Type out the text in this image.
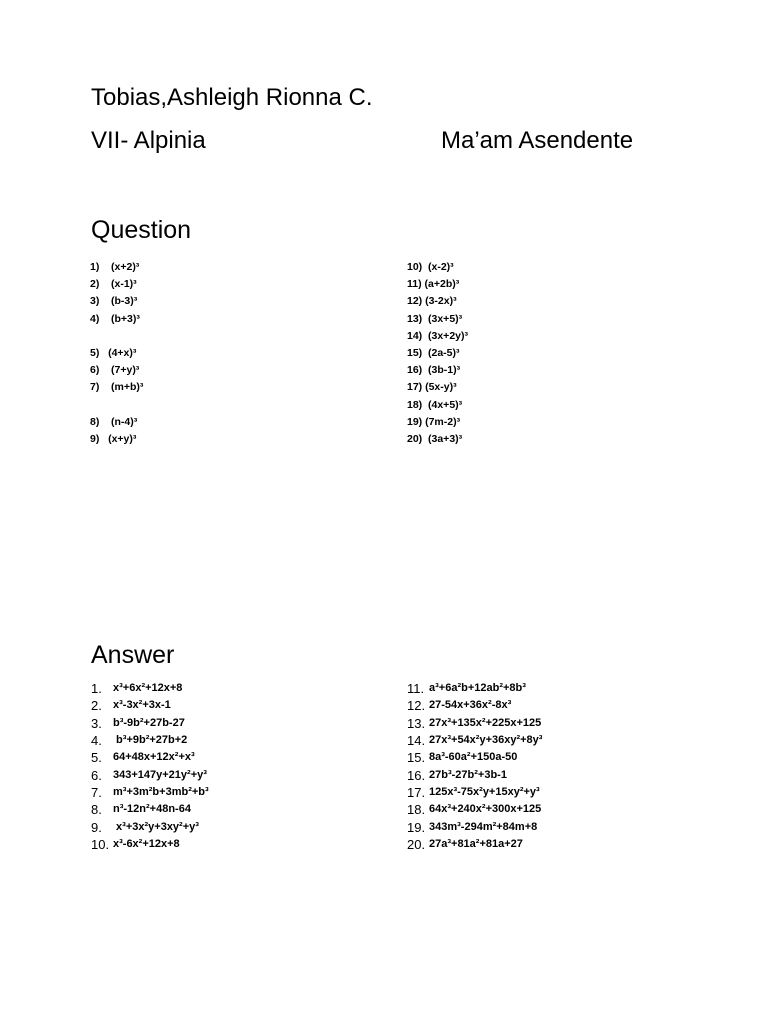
Tobias,Ashleigh Rionna C.
VII- Alpinia	Ma’am Asendente
Question
1)    (x+2)³
2)    (x-1)³
3)    (b-3)³
4)    (b+3)³
5)   (4+x)³
6)    (7+y)³
7)    (m+b)³
8)    (n-4)³
9)   (x+y)³
10)  (x-2)³
11) (a+2b)³
12) (3-2x)³
13)  (3x+5)³
14)  (3x+2y)³
15)  (2a-5)³
16)  (3b-1)³
17) (5x-y)³
18)  (4x+5)³
19) (7m-2)³
20)  (3a+3)³
Answer
1. $^{x^3+6x^2+12x+8}$
2. $^{x^3-3x^2+3x-1}$
3. $^{b^3-9b^2+27b-27}$
4. $^{b^3+9b^2+27b+2}$
5. $^{64+48x+12x^2+x^3}$
6. $^{343+147y+21y^2+y^3}$
7. $^{m^3+3m^2b+3mb^2+b^3}$
8. $^{n^3-12n^2+48n-64}$
9. $^{x^3+3x^2y+3xy^2+y^3}$
10. $^{x^3-6x^2+12x+8}$
11. $^{a^3+6a^2b+12ab^2+8b^3}$
12. $^{27-54x+36x^2-8x^3}$
13. $^{27x^3+135x^2+225x+125}$
14. $^{27x^3+54x^2y+36xy^2+8y^3}$
15. $^{8a^3-60a^2+150a-50}$
16. $^{27b^3-27b^2+3b-1}$
17. $^{125x^3-75x^2y+15xy^2+y^3}$
18. $^{64x^3+240x^2+300x+125}$
19. $^{343m^3-294m^2+84m+8}$
20. $^{27a^3+81a^2+81a+27}$
